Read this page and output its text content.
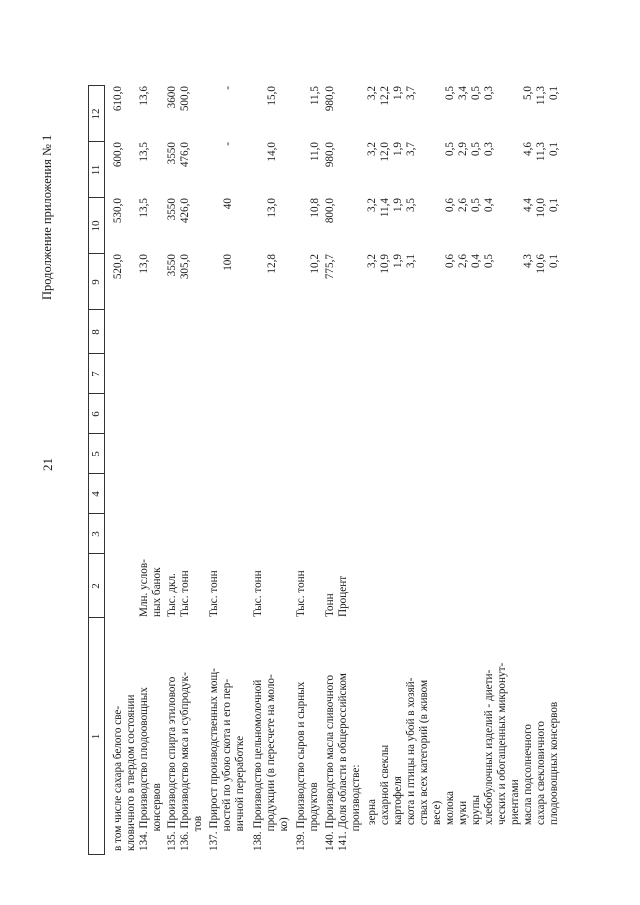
21
Продолжение приложения № 1
1
2
3
4
5
6
7
8
9
10
11
12
в том числе сахара белого све-
кловичного в твердом состоянии
520,0
530,0
600,0
610,0
134. Производство плодоовощных
консервов
Млн. услов-
ных банок
13,0
13,5
13,5
13,6
135. Производство спирта этилового
Тыс. дкл.
3550
3550
3550
3600
136. Производство мяса и субпродук-
тов
Тыс. тонн
305,0
426,0
476,0
500,0
137. Прирост производственных мощ-
ностей по убою скота и его пер-
вичной переработке
Тыс. тонн
100
40
-
-
138. Производство цельномолочной
продукции (в пересчете на моло-
ко)
Тыс. тонн
12,8
13,0
14,0
15,0
139. Производство сыров и сырных
продуктов
Тыс. тонн
10,2
10,8
11,0
11,5
140. Производство масла сливочного
Тонн
775,7
800,0
980,0
980,0
141. Доля области в общероссийском
производстве:
Процент
зерна сахарной свеклы картофеля скота и птицы на убой в хозяй-
ствах всех категорий (в живом
весе) молока муки крупы хлебобулочных изделий - диети-
ческих и обогащенных микронут-
риентами масла подсолнечного сахара свекловичного плодоовощных консервов
3,2 10,9 1,9 3,1 0,6 2,6 0,4 0,5 4,3 10,6 0,1
3,2 11,4 1,9 3,5 0,6 2,6 0,5 0,4 4,4 10,0 0,1
3,2 12,0 1,9 3,7 0,5 2,9 0,5 0,3 4,6 11,3 0,1
3,2 12,2 1,9 3,7 0,5 3,4 0,5 0,3 5,0 11,3 0,1
